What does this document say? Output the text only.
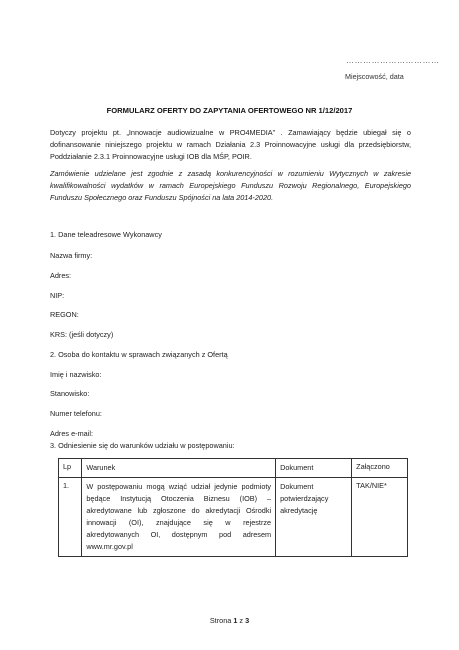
……………………………
Miejscowość, data
FORMULARZ OFERTY DO ZAPYTANIA OFERTOWEGO NR 1/12/2017
Dotyczy projektu pt. „Innowacje audiowizualne w PRO4MEDIA” . Zamawiający będzie ubiegał się o dofinansowanie niniejszego projektu w ramach Działania 2.3 Proinnowacyjne usługi dla przedsiębiorstw, Poddziałanie 2.3.1 Proinnowacyjne usługi IOB dla MŚP, POIR.
Zamówienie udzielane jest zgodnie z zasadą konkurencyjności w rozumieniu Wytycznych w zakresie kwalifikowalności wydatków w ramach Europejskiego Funduszu Rozwoju Regionalnego, Europejskiego Funduszu Społecznego oraz Funduszu Spójności na lata 2014-2020.
1. Dane teleadresowe Wykonawcy
Nazwa firmy:
Adres:
NIP:
REGON:
KRS: (jeśli dotyczy)
2. Osoba do kontaktu w sprawach związanych z Ofertą
Imię i nazwisko:
Stanowisko:
Numer telefonu:
Adres e-mail:
3. Odniesienie się do warunków udziału w postępowaniu:
Lp	Warunek	Dokument	Załączono
1.	W postępowaniu mogą wziąć udział jedynie podmioty będące Instytucją Otoczenia Biznesu (IOB) – akredytowane lub zgłoszone do akredytacji Ośrodki innowacji (OI), znajdujące się w rejestrze akredytowanych OI, dostępnym pod adresem www.mr.gov.pl	Dokument potwierdzający akredytację	TAK/NIE*
Strona 1 z 3
